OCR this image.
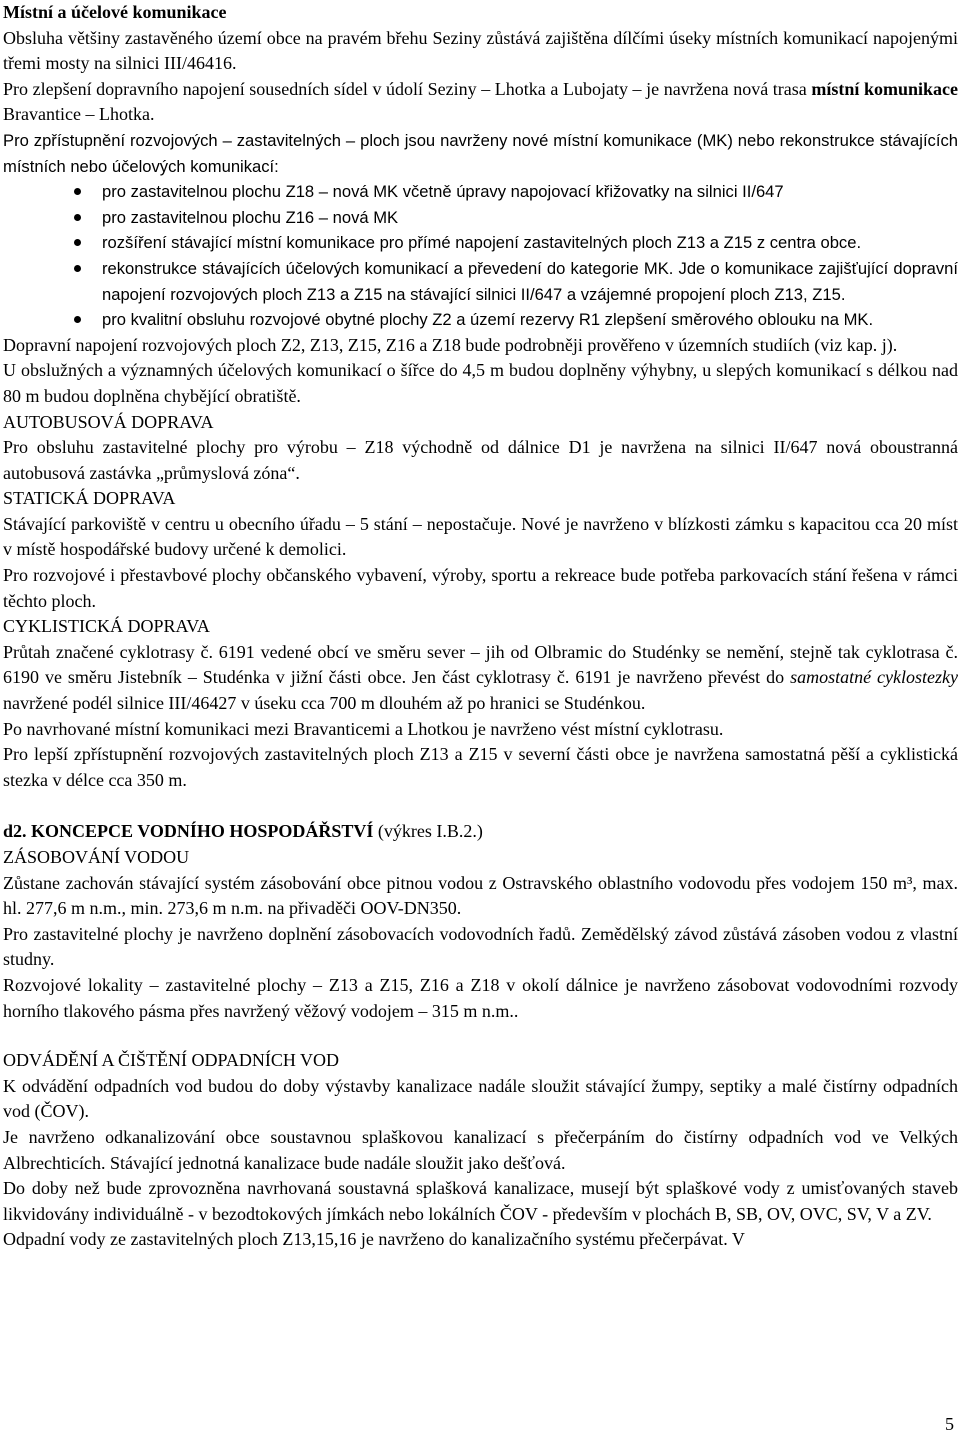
Místní a účelové komunikace

Obsluha většiny zastavěného území obce na pravém břehu Seziny zůstává zajištěna dílčími úseky místních komunikací napojenými třemi mosty na silnici III/46416.

Pro zlepšení dopravního napojení sousedních sídel v údolí Seziny – Lhotka a Lubojaty – je navržena nová trasa místní komunikace Bravantice – Lhotka.

Pro zpřístupnění rozvojových – zastavitelných – ploch jsou navrženy nové místní komunikace (MK) nebo rekonstrukce stávajících místních nebo účelových komunikací:

pro zastavitelnou plochu Z18 – nová MK včetně úpravy napojovací křižovatky na silnici II/647
pro zastavitelnou plochu Z16 – nová MK
rozšíření stávající místní komunikace pro přímé napojení zastavitelných ploch Z13 a Z15 z centra obce.
rekonstrukce stávajících účelových komunikací a převedení do kategorie MK. Jde o komunikace zajišťující dopravní napojení rozvojových ploch Z13 a Z15 na stávající silnici II/647 a vzájemné propojení ploch Z13, Z15.
pro kvalitní obsluhu rozvojové obytné plochy Z2 a území rezervy R1 zlepšení směrového oblouku na MK.

Dopravní napojení rozvojových ploch Z2, Z13, Z15, Z16 a Z18 bude podrobněji prověřeno v územních studiích (viz kap. j).

U obslužných a významných účelových komunikací o šířce do 4,5 m budou doplněny výhybny, u slepých komunikací s délkou nad 80 m budou doplněna chybějící obratiště.

AUTOBUSOVÁ DOPRAVA

Pro obsluhu zastavitelné plochy pro výrobu – Z18 východně od dálnice D1 je navržena na silnici II/647 nová oboustranná autobusová zastávka „průmyslová zóna“.

STATICKÁ DOPRAVA

Stávající parkoviště v centru u obecního úřadu – 5 stání – nepostačuje. Nové je navrženo v blízkosti zámku s kapacitou cca 20 míst v místě hospodářské budovy určené k demolici.

Pro rozvojové i přestavbové plochy občanského vybavení, výroby, sportu a rekreace bude potřeba parkovacích stání řešena v rámci těchto ploch.

CYKLISTICKÁ DOPRAVA

Průtah značené cyklotrasy č. 6191 vedené obcí ve směru sever – jih od Olbramic do Studénky se nemění, stejně tak cyklotrasa č. 6190 ve směru Jistebník – Studénka v jižní části obce. Jen část cyklotrasy č. 6191 je navrženo převést do samostatné cyklostezky navržené podél silnice III/46427 v úseku cca 700 m dlouhém až po hranici se Studénkou.

Po navrhované místní komunikaci mezi Bravanticemi a Lhotkou je navrženo vést místní cyklotrasu.

Pro lepší zpřístupnění rozvojových zastavitelných ploch Z13 a Z15 v severní části obce je navržena samostatná pěší a cyklistická stezka v délce cca 350 m.

d2. KONCEPCE VODNÍHO HOSPODÁŘSTVÍ (výkres I.B.2.)

ZÁSOBOVÁNÍ VODOU

Zůstane zachován stávající systém zásobování obce pitnou vodou z Ostravského oblastního vodovodu přes vodojem 150 m³, max. hl. 277,6 m n.m., min. 273,6 m n.m. na přivaděči OOV-DN350.

Pro zastavitelné plochy je navrženo doplnění zásobovacích vodovodních řadů. Zemědělský závod zůstává zásoben vodou z vlastní studny.

Rozvojové lokality – zastavitelné plochy – Z13 a Z15, Z16 a Z18 v okolí dálnice je navrženo zásobovat vodovodními rozvody horního tlakového pásma přes navržený věžový vodojem – 315 m n.m..

ODVÁDĚNÍ A ČIŠTĚNÍ ODPADNÍCH VOD

K odvádění odpadních vod budou do doby výstavby kanalizace nadále sloužit stávající žumpy, septiky a malé čistírny odpadních vod (ČOV).

Je navrženo odkanalizování obce soustavnou splaškovou kanalizací s přečerpáním do čistírny odpadních vod ve Velkých Albrechticích. Stávající jednotná kanalizace bude nadále sloužit jako dešťová.

Do doby než bude zprovozněna navrhovaná soustavná splašková kanalizace, musejí být splaškové vody z umisťovaných staveb likvidovány individuálně - v bezodtokových jímkách nebo lokálních ČOV - především v plochách B, SB, OV, OVC, SV, V a ZV.

Odpadní vody ze zastavitelných ploch Z13,15,16 je navrženo do kanalizačního systému přečerpávat. V

5
